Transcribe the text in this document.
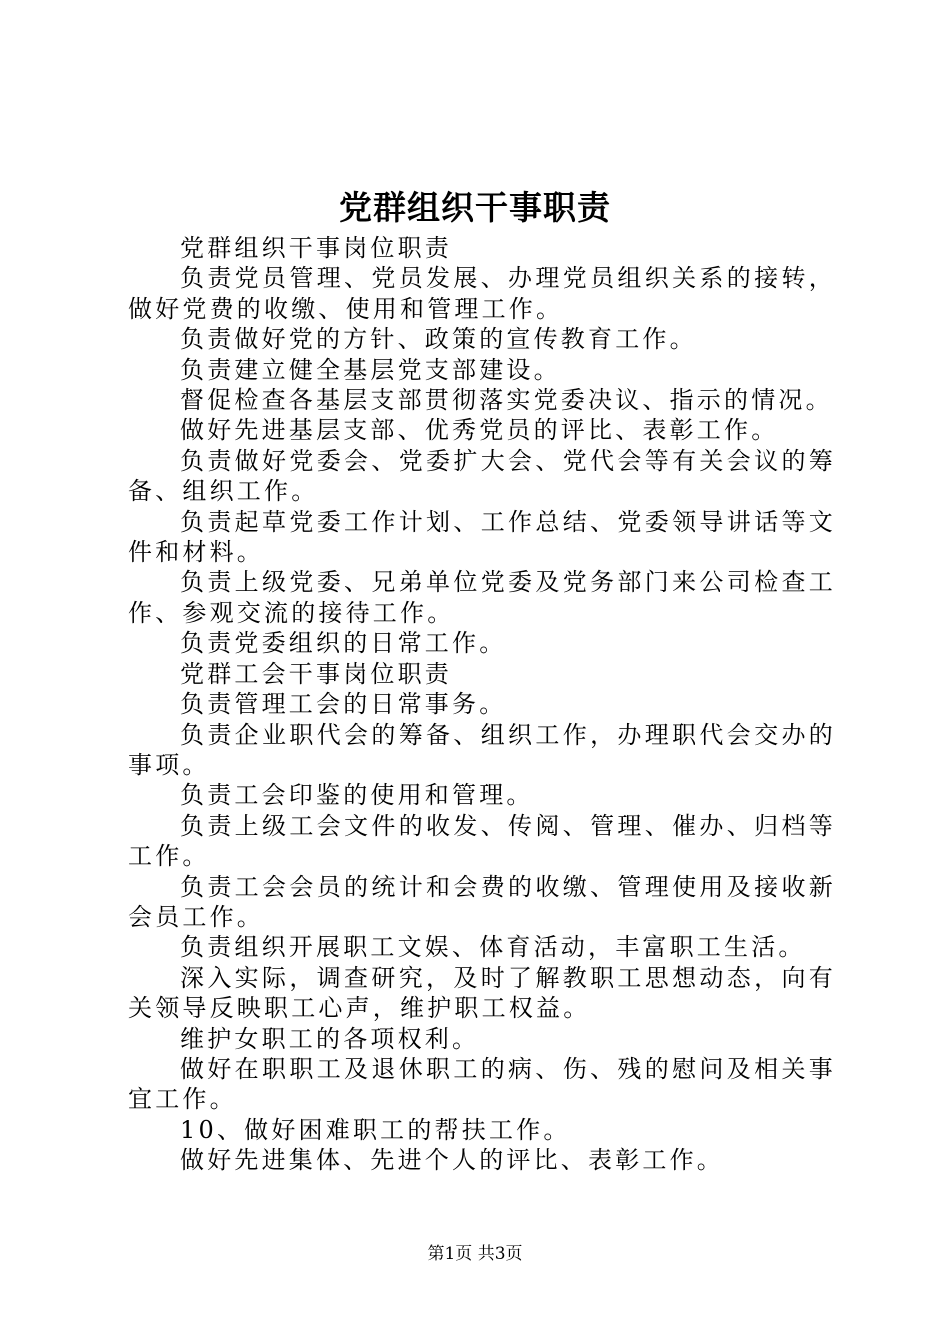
党群组织干事职责

党群组织干事岗位职责

负责党员管理、党员发展、办理党员组织关系的接转，做好党费的收缴、使用和管理工作。

负责做好党的方针、政策的宣传教育工作。

负责建立健全基层党支部建设。

督促检查各基层支部贯彻落实党委决议、指示的情况。

做好先进基层支部、优秀党员的评比、表彰工作。

负责做好党委会、党委扩大会、党代会等有关会议的筹备、组织工作。

负责起草党委工作计划、工作总结、党委领导讲话等文件和材料。

负责上级党委、兄弟单位党委及党务部门来公司检查工作、参观交流的接待工作。

负责党委组织的日常工作。

党群工会干事岗位职责

负责管理工会的日常事务。

负责企业职代会的筹备、组织工作，办理职代会交办的事项。

负责工会印鉴的使用和管理。

负责上级工会文件的收发、传阅、管理、催办、归档等工作。

负责工会会员的统计和会费的收缴、管理使用及接收新会员工作。

负责组织开展职工文娱、体育活动，丰富职工生活。

深入实际，调查研究，及时了解教职工思想动态，向有关领导反映职工心声，维护职工权益。

维护女职工的各项权利。

做好在职职工及退休职工的病、伤、残的慰问及相关事宜工作。

10、做好困难职工的帮扶工作。

做好先进集体、先进个人的评比、表彰工作。

第1页 共3页
